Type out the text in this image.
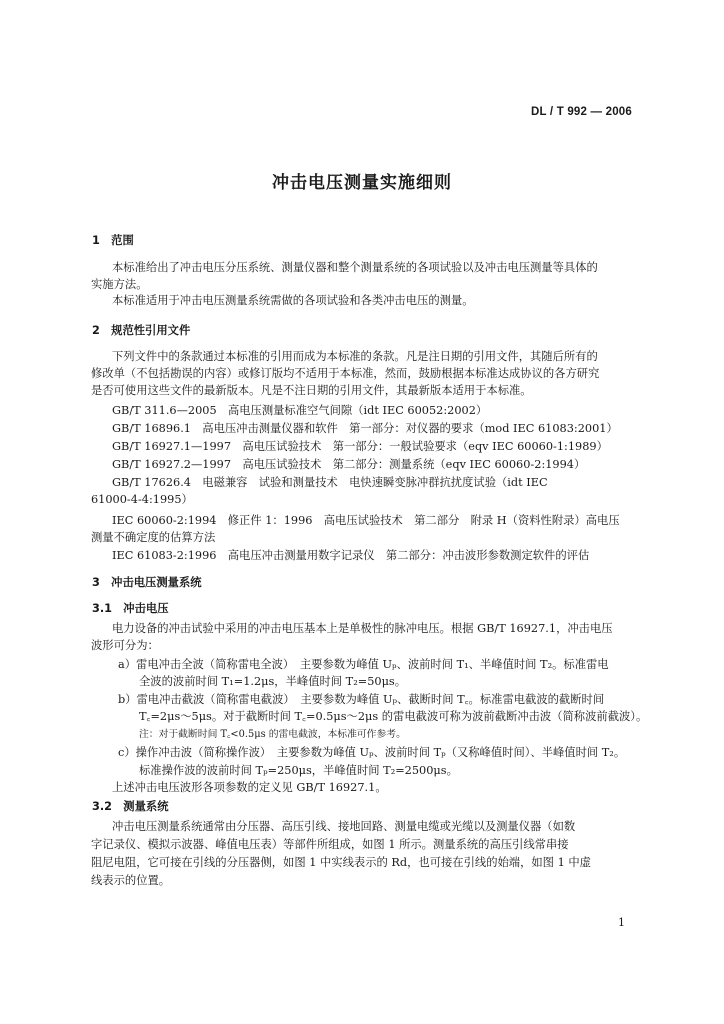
DL / T 992 — 2006
冲击电压测量实施细则
1　范围
本标准给出了冲击电压分压系统、测量仪器和整个测量系统的各项试验以及冲击电压测量等具体的
实施方法。
本标准适用于冲击电压测量系统需做的各项试验和各类冲击电压的测量。
2　规范性引用文件
下列文件中的条款通过本标准的引用而成为本标准的条款。凡是注日期的引用文件，其随后所有的
修改单（不包括勘误的内容）或修订版均不适用于本标准，然而，鼓励根据本标准达成协议的各方研究
是否可使用这些文件的最新版本。凡是不注日期的引用文件，其最新版本适用于本标准。
GB/T 311.6—2005　高电压测量标准空气间隙（idt IEC 60052:2002）
GB/T 16896.1　高电压冲击测量仪器和软件　第一部分：对仪器的要求（mod IEC 61083:2001）
GB/T 16927.1—1997　高电压试验技术　第一部分：一般试验要求（eqv IEC 60060-1:1989）
GB/T 16927.2—1997　高电压试验技术　第二部分：测量系统（eqv IEC 60060-2:1994）
GB/T 17626.4　电磁兼容　试验和测量技术　电快速瞬变脉冲群抗扰度试验（idt IEC
61000-4-4:1995）
IEC 60060-2:1994　修正件 1：1996　高电压试验技术　第二部分　附录 H（资料性附录）高电压
测量不确定度的估算方法
IEC 61083-2:1996　高电压冲击测量用数字记录仪　第二部分：冲击波形参数测定软件的评估
3　冲击电压测量系统
3.1　冲击电压
电力设备的冲击试验中采用的冲击电压基本上是单极性的脉冲电压。根据 GB/T 16927.1，冲击电压
波形可分为：
a）雷电冲击全波（简称雷电全波）　主要参数为峰值 Uₚ、波前时间 T₁、半峰值时间 T₂。标准雷电
全波的波前时间 T₁=1.2μs，半峰值时间 T₂=50μs。
b）雷电冲击截波（简称雷电截波）　主要参数为峰值 Uₚ、截断时间 T꜀。标准雷电截波的截断时间
T꜀=2μs～5μs。对于截断时间 T꜀=0.5μs～2μs 的雷电截波可称为波前截断冲击波（简称波前截波）。
注：对于截断时间 T꜀<0.5μs 的雷电截波，本标准可作参考。
c）操作冲击波（简称操作波）　主要参数为峰值 Uₚ、波前时间 Tₚ（又称峰值时间）、半峰值时间 T₂。
标准操作波的波前时间 Tₚ=250μs，半峰值时间 T₂=2500μs。
上述冲击电压波形各项参数的定义见 GB/T 16927.1。
3.2　测量系统
冲击电压测量系统通常由分压器、高压引线、接地回路、测量电缆或光缆以及测量仪器（如数
字记录仪、模拟示波器、峰值电压表）等部件所组成，如图 1 所示。测量系统的高压引线常串接
阻尼电阻，它可接在引线的分压器侧，如图 1 中实线表示的 Rd，也可接在引线的始端，如图 1 中虚
线表示的位置。
1
